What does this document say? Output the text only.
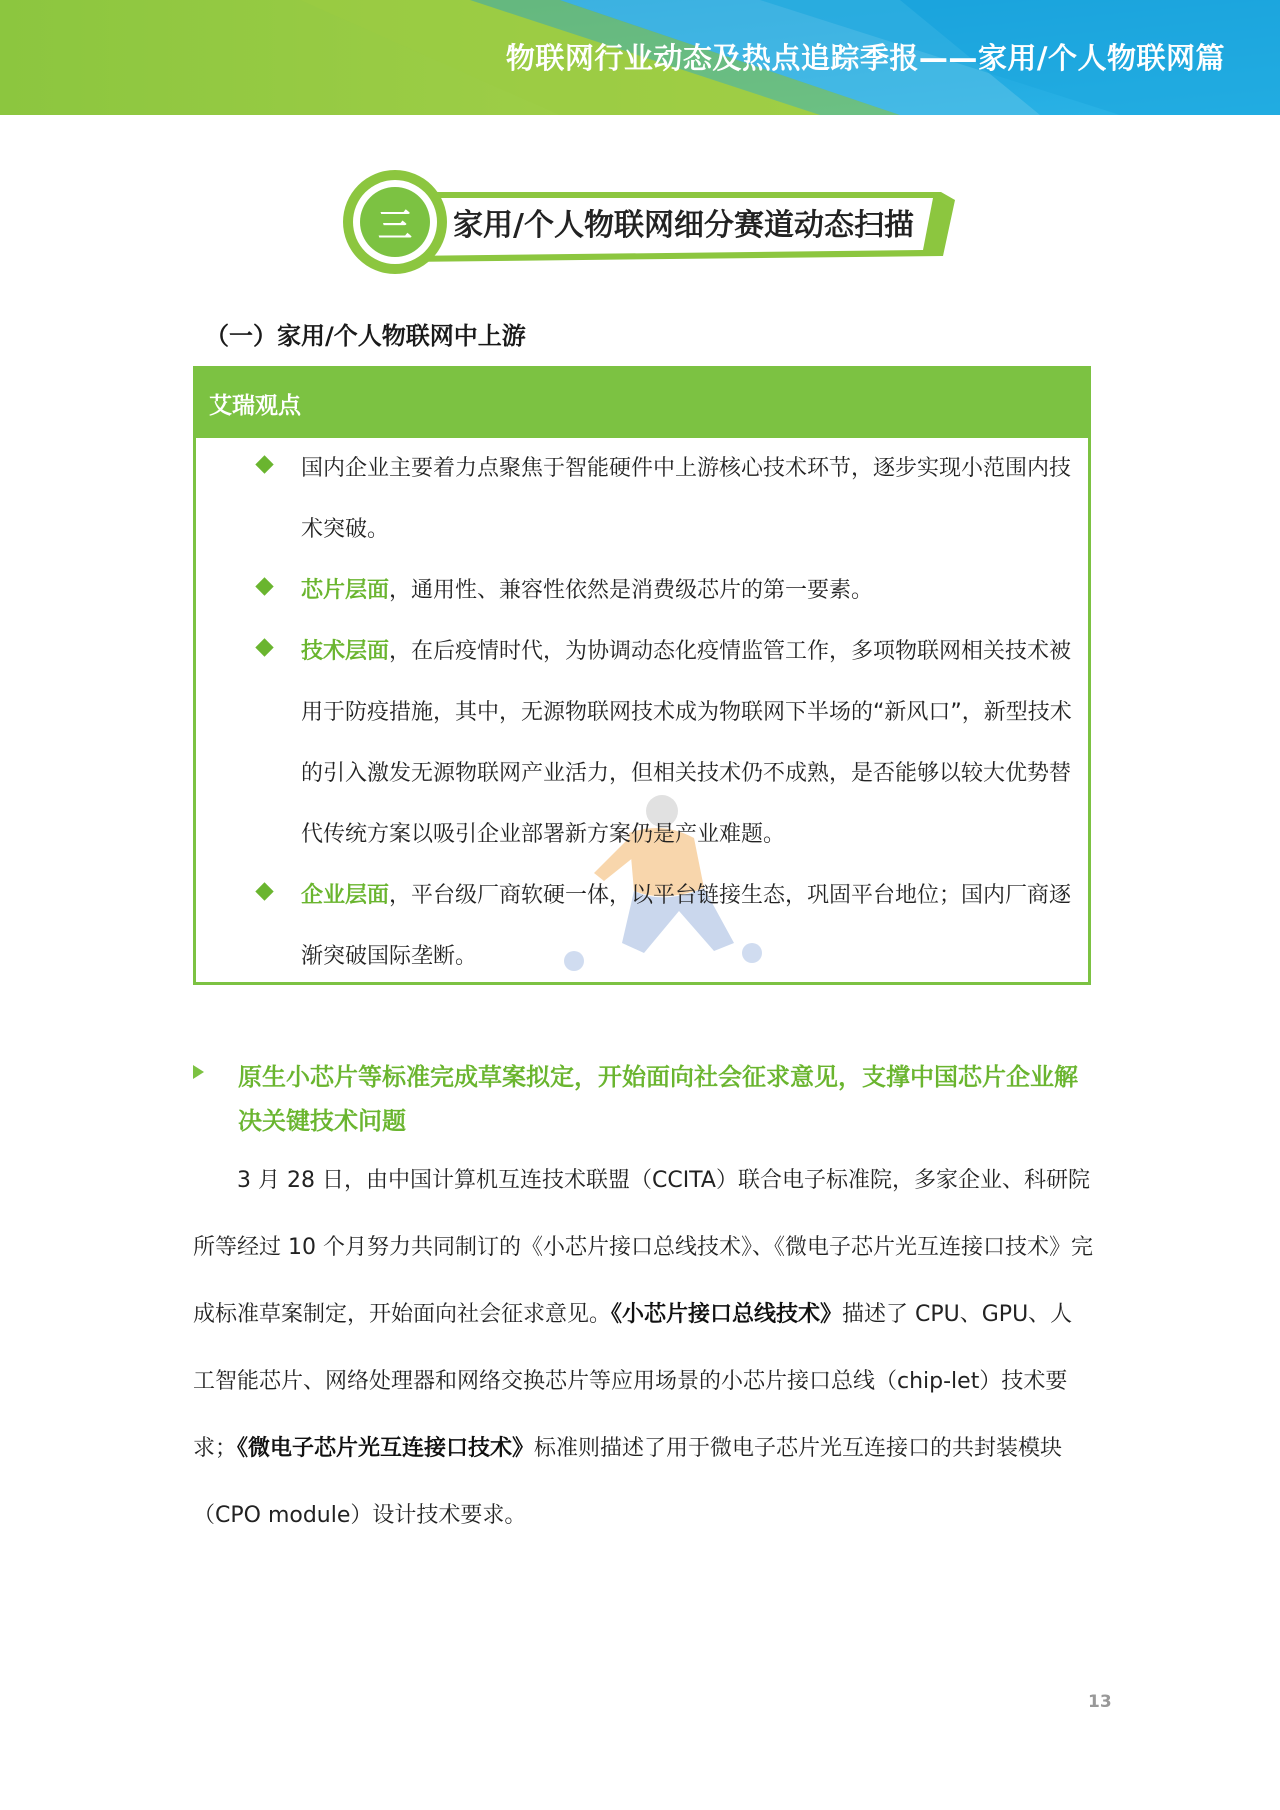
物联网行业动态及热点追踪季报——家用/个人物联网篇
三	家用/个人物联网细分赛道动态扫描
（一）家用/个人物联网中上游
艾瑞观点
国内企业主要着力点聚焦于智能硬件中上游核心技术环节，逐步实现小范围内技术突破。
芯片层面，通用性、兼容性依然是消费级芯片的第一要素。
技术层面，在后疫情时代，为协调动态化疫情监管工作，多项物联网相关技术被用于防疫措施，其中，无源物联网技术成为物联网下半场的“新风口”，新型技术的引入激发无源物联网产业活力，但相关技术仍不成熟，是否能够以较大优势替代传统方案以吸引企业部署新方案仍是产业难题。
企业层面，平台级厂商软硬一体，以平台链接生态，巩固平台地位；国内厂商逐渐突破国际垄断。
原生小芯片等标准完成草案拟定，开始面向社会征求意见，支撑中国芯片企业解决关键技术问题
3 月 28 日，由中国计算机互连技术联盟（CCITA）联合电子标准院，多家企业、科研院所等经过 10 个月努力共同制订的《小芯片接口总线技术》、《微电子芯片光互连接口技术》完成标准草案制定，开始面向社会征求意见。《小芯片接口总线技术》描述了 CPU、GPU、人工智能芯片、网络处理器和网络交换芯片等应用场景的小芯片接口总线（chip-let）技术要求；《微电子芯片光互连接口技术》标准则描述了用于微电子芯片光互连接口的共封装模块（CPO module）设计技术要求。
13
